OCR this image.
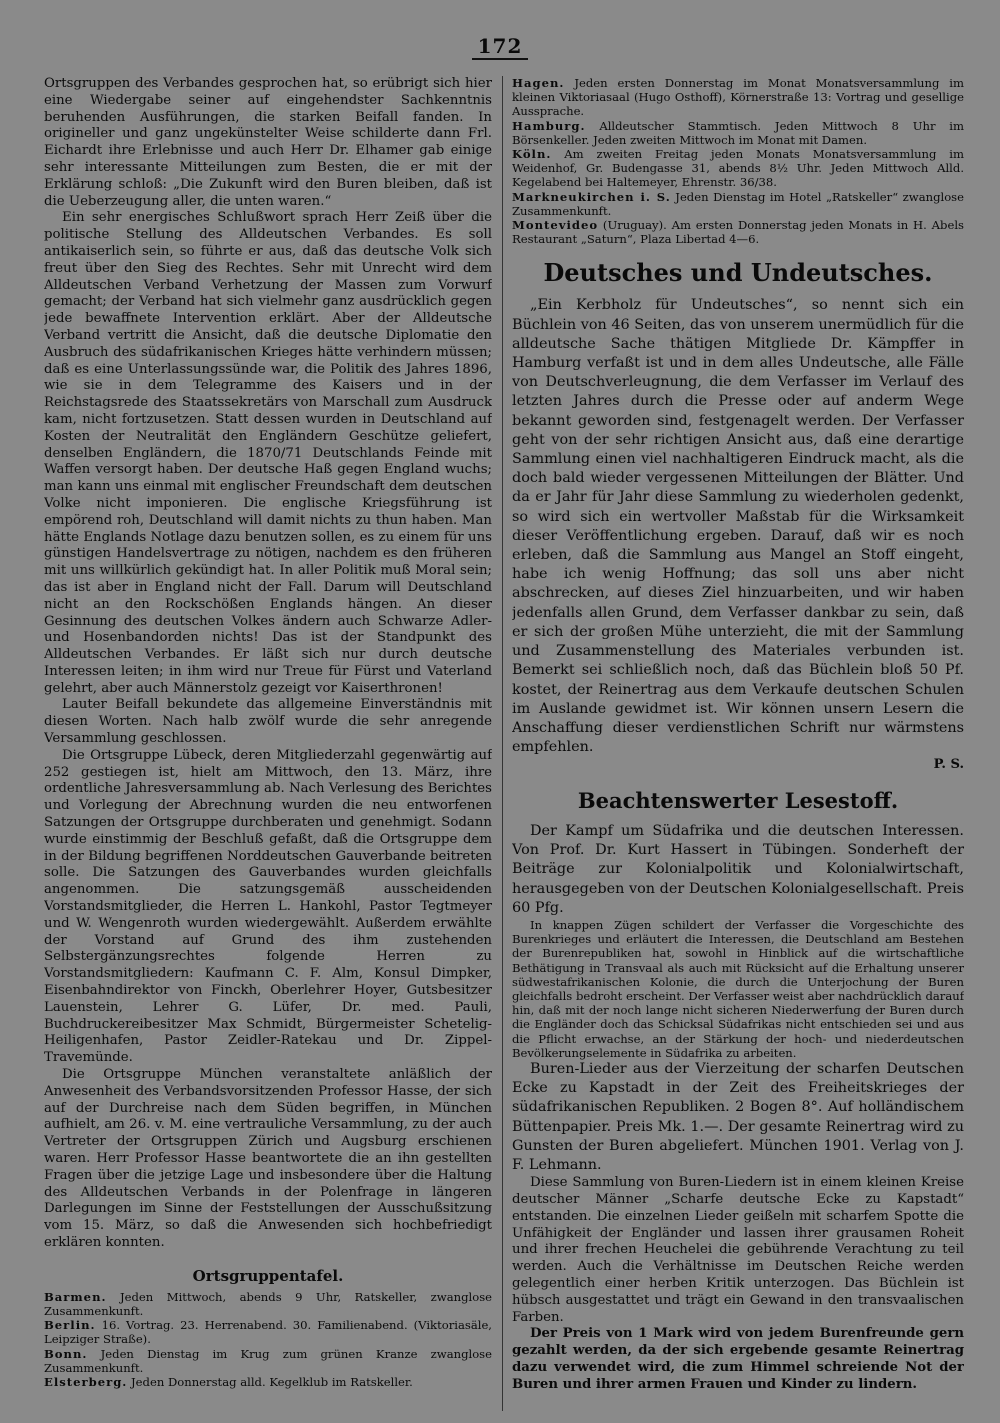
172

Ortsgruppen des Verbandes gesprochen hat, so erübrigt sich hier eine Wiedergabe seiner auf eingehendster Sachkenntnis beruhenden Ausführungen, die starken Beifall fanden. In origineller und ganz ungekünstelter Weise schilderte dann Frl. Eichardt ihre Erlebnisse und auch Herr Dr. Elhamer gab einige sehr interessante Mitteilungen zum Besten, die er mit der Erklärung schloß: „Die Zukunft wird den Buren bleiben, daß ist die Ueberzeugung aller, die unten waren.“

Ein sehr energisches Schlußwort sprach Herr Zeiß über die politische Stellung des Alldeutschen Verbandes. Es soll antikaiserlich sein, so führte er aus, daß das deutsche Volk sich freut über den Sieg des Rechtes. Sehr mit Unrecht wird dem Alldeutschen Verband Verhetzung der Massen zum Vorwurf gemacht; der Verband hat sich vielmehr ganz ausdrücklich gegen jede bewaffnete Intervention erklärt. Aber der Alldeutsche Verband vertritt die Ansicht, daß die deutsche Diplomatie den Ausbruch des südafrikanischen Krieges hätte verhindern müssen; daß es eine Unterlassungssünde war, die Politik des Jahres 1896, wie sie in dem Telegramme des Kaisers und in der Reichstagsrede des Staatssekretärs von Marschall zum Ausdruck kam, nicht fortzusetzen. Statt dessen wurden in Deutschland auf Kosten der Neutralität den Engländern Geschütze geliefert, denselben Engländern, die 1870/71 Deutschlands Feinde mit Waffen versorgt haben. Der deutsche Haß gegen England wuchs; man kann uns einmal mit englischer Freundschaft dem deutschen Volke nicht imponieren. Die englische Kriegsführung ist empörend roh, Deutschland will damit nichts zu thun haben. Man hätte Englands Notlage dazu benutzen sollen, es zu einem für uns günstigen Handelsvertrage zu nötigen, nachdem es den früheren mit uns willkürlich gekündigt hat. In aller Politik muß Moral sein; das ist aber in England nicht der Fall. Darum will Deutschland nicht an den Rockschößen Englands hängen. An dieser Gesinnung des deutschen Volkes ändern auch Schwarze Adler- und Hosenbandorden nichts! Das ist der Standpunkt des Alldeutschen Verbandes. Er läßt sich nur durch deutsche Interessen leiten; in ihm wird nur Treue für Fürst und Vaterland gelehrt, aber auch Männerstolz gezeigt vor Kaiserthronen!

Lauter Beifall bekundete das allgemeine Einverständnis mit diesen Worten. Nach halb zwölf wurde die sehr anregende Versammlung geschlossen.

Die Ortsgruppe Lübeck, deren Mitgliederzahl gegenwärtig auf 252 gestiegen ist, hielt am Mittwoch, den 13. März, ihre ordentliche Jahresversammlung ab. Nach Verlesung des Berichtes und Vorlegung der Abrechnung wurden die neu entworfenen Satzungen der Ortsgruppe durchberaten und genehmigt. Sodann wurde einstimmig der Beschluß gefaßt, daß die Ortsgruppe dem in der Bildung begriffenen Norddeutschen Gauverbande beitreten solle. Die Satzungen des Gauverbandes wurden gleichfalls angenommen. Die satzungsgemäß ausscheidenden Vorstandsmitglieder, die Herren L. Hankohl, Pastor Tegtmeyer und W. Wengenroth wurden wiedergewählt. Außerdem erwählte der Vorstand auf Grund des ihm zustehenden Selbstergänzungsrechtes folgende Herren zu Vorstandsmitgliedern: Kaufmann C. F. Alm, Konsul Dimpker, Eisenbahndirektor von Finckh, Oberlehrer Hoyer, Gutsbesitzer Lauenstein, Lehrer G. Lüfer, Dr. med. Pauli, Buchdruckereibesitzer Max Schmidt, Bürgermeister Schetelig-Heiligenhafen, Pastor Zeidler-Ratekau und Dr. Zippel-Travemünde.

Die Ortsgruppe München veranstaltete anläßlich der Anwesenheit des Verbandsvorsitzenden Professor Hasse, der sich auf der Durchreise nach dem Süden begriffen, in München aufhielt, am 26. v. M. eine vertrauliche Versammlung, zu der auch Vertreter der Ortsgruppen Zürich und Augsburg erschienen waren. Herr Professor Hasse beantwortete die an ihn gestellten Fragen über die jetzige Lage und insbesondere über die Haltung des Alldeutschen Verbands in der Polenfrage in längeren Darlegungen im Sinne der Feststellungen der Ausschußsitzung vom 15. März, so daß die Anwesenden sich hochbefriedigt erklären konnten.

Ortsgruppentafel.

Barmen. Jeden Mittwoch, abends 9 Uhr, Ratskeller, zwanglose Zusammenkunft.

Berlin. 16. Vortrag. 23. Herrenabend. 30. Familienabend. (Viktoriasäle, Leipziger Straße).

Bonn. Jeden Dienstag im Krug zum grünen Kranze zwanglose Zusammenkunft.

Elsterberg. Jeden Donnerstag alld. Kegelklub im Ratskeller.

Hagen. Jeden ersten Donnerstag im Monat Monatsversammlung im kleinen Viktoriasaal (Hugo Osthoff), Körnerstraße 13: Vortrag und gesellige Aussprache.

Hamburg. Alldeutscher Stammtisch. Jeden Mittwoch 8 Uhr im Börsenkeller. Jeden zweiten Mittwoch im Monat mit Damen.

Köln. Am zweiten Freitag jeden Monats Monatsversammlung im Weidenhof, Gr. Budengasse 31, abends 8½ Uhr. Jeden Mittwoch Alld. Kegelabend bei Haltemeyer, Ehrenstr. 36/38.

Markneukirchen i. S. Jeden Dienstag im Hotel „Ratskeller“ zwanglose Zusammenkunft.

Montevideo (Uruguay). Am ersten Donnerstag jeden Monats in H. Abels Restaurant „Saturn“, Plaza Libertad 4—6.

Deutsches und Undeutsches.

„Ein Kerbholz für Undeutsches“, so nennt sich ein Büchlein von 46 Seiten, das von unserem unermüdlich für die alldeutsche Sache thätigen Mitgliede Dr. Kämpffer in Hamburg verfaßt ist und in dem alles Undeutsche, alle Fälle von Deutschverleugnung, die dem Verfasser im Verlauf des letzten Jahres durch die Presse oder auf anderm Wege bekannt geworden sind, festgenagelt werden. Der Verfasser geht von der sehr richtigen Ansicht aus, daß eine derartige Sammlung einen viel nachhaltigeren Eindruck macht, als die doch bald wieder vergessenen Mitteilungen der Blätter. Und da er Jahr für Jahr diese Sammlung zu wiederholen gedenkt, so wird sich ein wertvoller Maßstab für die Wirksamkeit dieser Veröffentlichung ergeben. Darauf, daß wir es noch erleben, daß die Sammlung aus Mangel an Stoff eingeht, habe ich wenig Hoffnung; das soll uns aber nicht abschrecken, auf dieses Ziel hinzuarbeiten, und wir haben jedenfalls allen Grund, dem Verfasser dankbar zu sein, daß er sich der großen Mühe unterzieht, die mit der Sammlung und Zusammenstellung des Materiales verbunden ist. Bemerkt sei schließlich noch, daß das Büchlein bloß 50 Pf. kostet, der Reinertrag aus dem Verkaufe deutschen Schulen im Auslande gewidmet ist. Wir können unsern Lesern die Anschaffung dieser verdienstlichen Schrift nur wärmstens empfehlen.

P. S.
Beachtenswerter Lesestoff.

Der Kampf um Südafrika und die deutschen Interessen. Von Prof. Dr. Kurt Hassert in Tübingen. Sonderheft der Beiträge zur Kolonialpolitik und Kolonialwirtschaft, herausgegeben von der Deutschen Kolonialgesellschaft. Preis 60 Pfg.

In knappen Zügen schildert der Verfasser die Vorgeschichte des Burenkrieges und erläutert die Interessen, die Deutschland am Bestehen der Burenrepubliken hat, sowohl in Hinblick auf die wirtschaftliche Bethätigung in Transvaal als auch mit Rücksicht auf die Erhaltung unserer südwestafrikanischen Kolonie, die durch die Unterjochung der Buren gleichfalls bedroht erscheint. Der Verfasser weist aber nachdrücklich darauf hin, daß mit der noch lange nicht sicheren Niederwerfung der Buren durch die Engländer doch das Schicksal Südafrikas nicht entschieden sei und aus die Pflicht erwachse, an der Stärkung der hoch- und niederdeutschen Bevölkerungselemente in Südafrika zu arbeiten.

Buren-Lieder aus der Vierzeitung der scharfen Deutschen Ecke zu Kapstadt in der Zeit des Freiheitskrieges der südafrikanischen Republiken. 2 Bogen 8°. Auf holländischem Büttenpapier. Preis Mk. 1.—. Der gesamte Reinertrag wird zu Gunsten der Buren abgeliefert. München 1901. Verlag von J. F. Lehmann.

Diese Sammlung von Buren-Liedern ist in einem kleinen Kreise deutscher Männer „Scharfe deutsche Ecke zu Kapstadt“ entstanden. Die einzelnen Lieder geißeln mit scharfem Spotte die Unfähigkeit der Engländer und lassen ihrer grausamen Roheit und ihrer frechen Heuchelei die gebührende Verachtung zu teil werden. Auch die Verhältnisse im Deutschen Reiche werden gelegentlich einer herben Kritik unterzogen. Das Büchlein ist hübsch ausgestattet und trägt ein Gewand in den transvaalischen Farben.

Der Preis von 1 Mark wird von jedem Burenfreunde gern gezahlt werden, da der sich ergebende gesamte Reinertrag dazu verwendet wird, die zum Himmel schreiende Not der Buren und ihrer armen Frauen und Kinder zu lindern.
